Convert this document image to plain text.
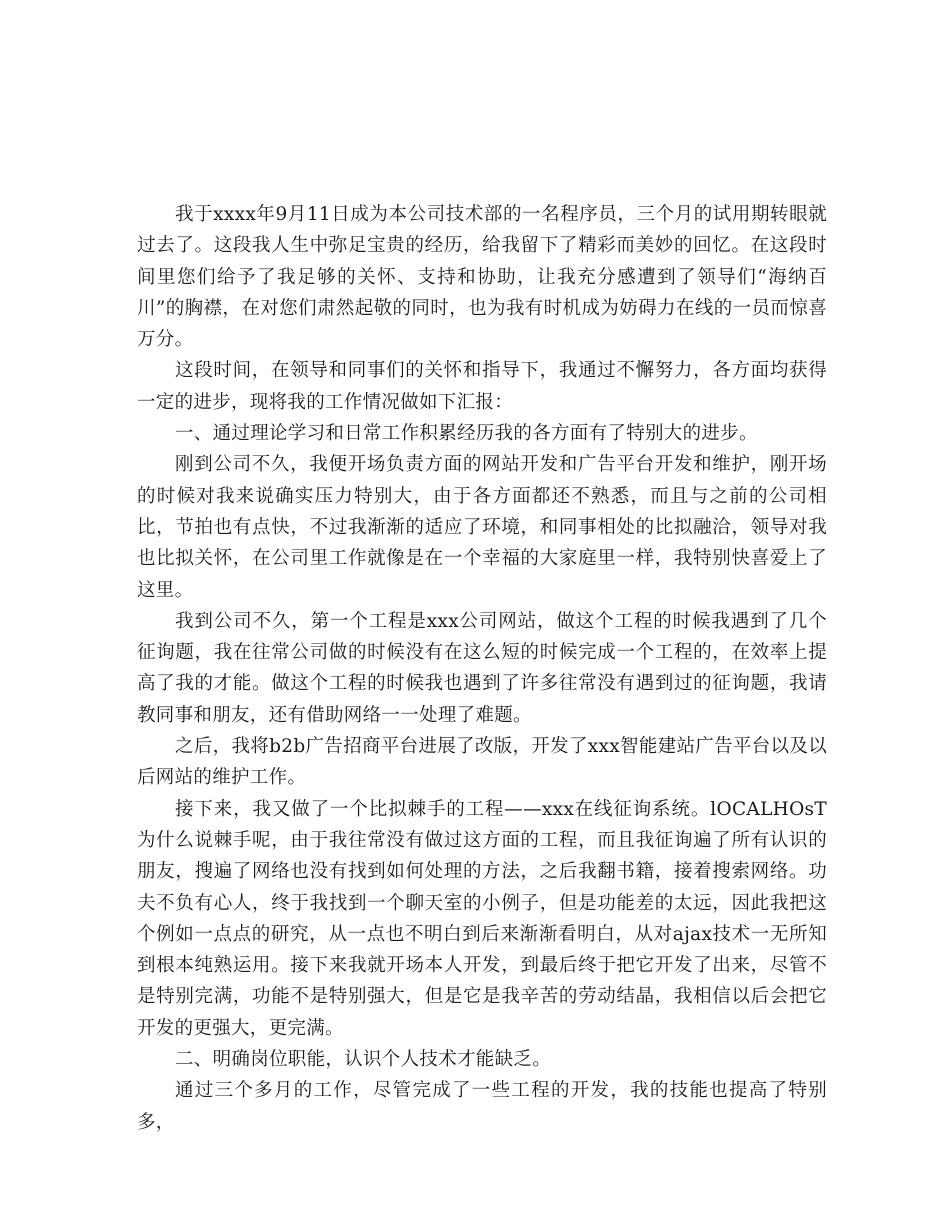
我于xxxx年9月11日成为本公司技术部的一名程序员，三个月的试用期转眼就过去了。这段我人生中弥足宝贵的经历，给我留下了精彩而美妙的回忆。在这段时间里您们给予了我足够的关怀、支持和协助，让我充分感遭到了领导们“海纳百川”的胸襟，在对您们肃然起敬的同时，也为我有时机成为妨碍力在线的一员而惊喜万分。

这段时间，在领导和同事们的关怀和指导下，我通过不懈努力，各方面均获得一定的进步，现将我的工作情况做如下汇报：

一、通过理论学习和日常工作积累经历我的各方面有了特别大的进步。

刚到公司不久，我便开场负责方面的网站开发和广告平台开发和维护，刚开场的时候对我来说确实压力特别大，由于各方面都还不熟悉，而且与之前的公司相比，节拍也有点快，不过我渐渐的适应了环境，和同事相处的比拟融洽，领导对我也比拟关怀，在公司里工作就像是在一个幸福的大家庭里一样，我特别快喜爱上了这里。

我到公司不久，第一个工程是xxx公司网站，做这个工程的时候我遇到了几个征询题，我在往常公司做的时候没有在这么短的时候完成一个工程的，在效率上提高了我的才能。做这个工程的时候我也遇到了许多往常没有遇到过的征询题，我请教同事和朋友，还有借助网络一一处理了难题。

之后，我将b2b广告招商平台进展了改版，开发了xxx智能建站广告平台以及以后网站的维护工作。

接下来，我又做了一个比拟棘手的工程——xxx在线征询系统。lOCALHOsT为什么说棘手呢，由于我往常没有做过这方面的工程，而且我征询遍了所有认识的朋友，搜遍了网络也没有找到如何处理的方法，之后我翻书籍，接着搜索网络。功夫不负有心人，终于我找到一个聊天室的小例子，但是功能差的太远，因此我把这个例如一点点的研究，从一点也不明白到后来渐渐看明白，从对ajax技术一无所知到根本纯熟运用。接下来我就开场本人开发，到最后终于把它开发了出来，尽管不是特别完满，功能不是特别强大，但是它是我辛苦的劳动结晶，我相信以后会把它开发的更强大，更完满。

二、明确岗位职能，认识个人技术才能缺乏。

通过三个多月的工作，尽管完成了一些工程的开发，我的技能也提高了特别多，
